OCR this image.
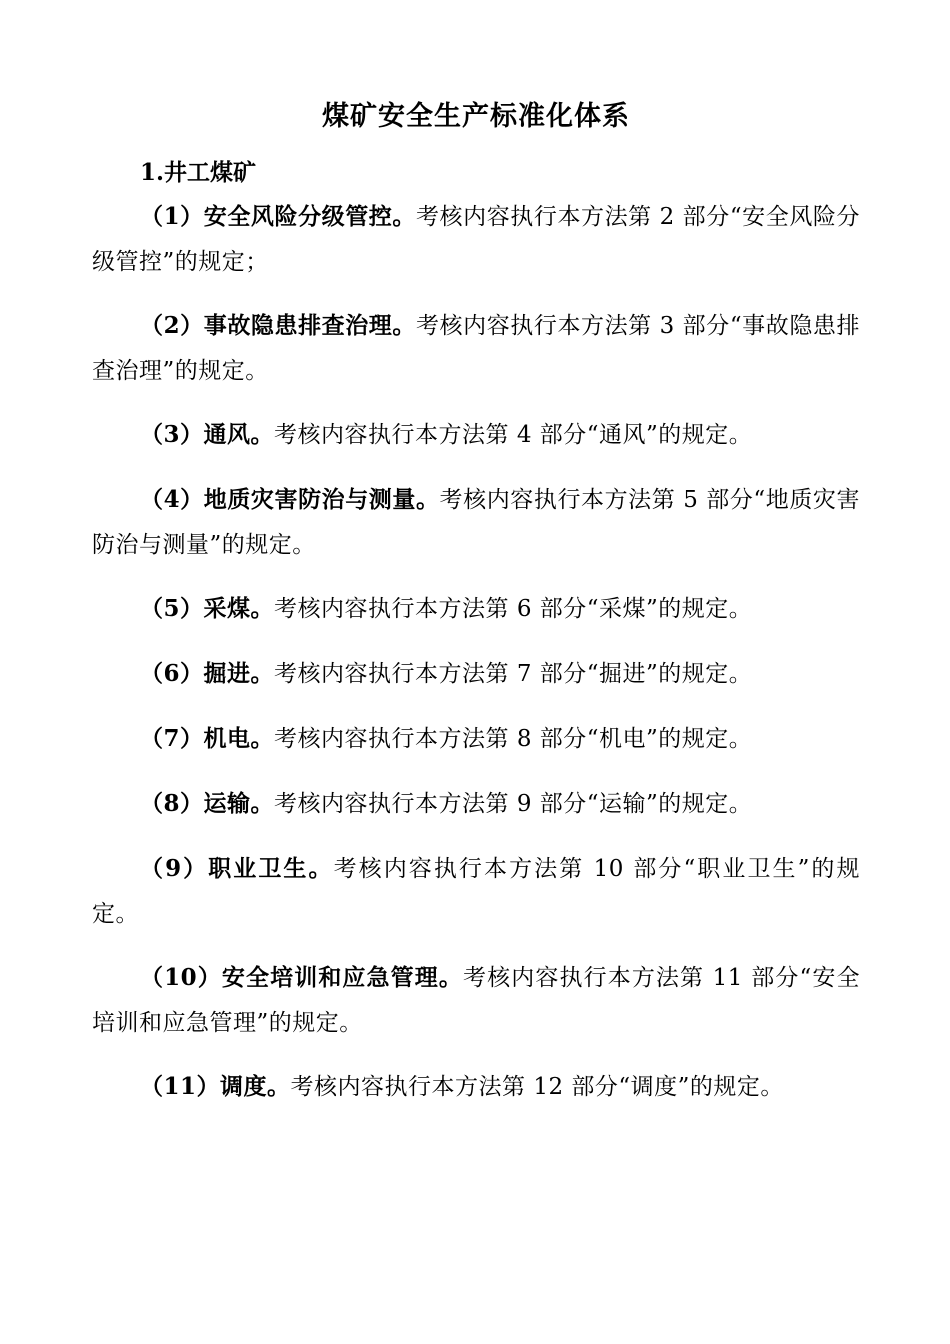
煤矿安全生产标准化体系
1.井工煤矿

（1）安全风险分级管控。考核内容执行本方法第 2 部分“安全风险分级管控”的规定；

（2）事故隐患排查治理。考核内容执行本方法第 3 部分“事故隐患排查治理”的规定。

（3）通风。考核内容执行本方法第 4 部分“通风”的规定。

（4）地质灾害防治与测量。考核内容执行本方法第 5 部分“地质灾害防治与测量”的规定。

（5）采煤。考核内容执行本方法第 6 部分“采煤”的规定。

（6）掘进。考核内容执行本方法第 7 部分“掘进”的规定。

（7）机电。考核内容执行本方法第 8 部分“机电”的规定。

（8）运输。考核内容执行本方法第 9 部分“运输”的规定。

（9）职业卫生。考核内容执行本方法第 10 部分“职业卫生”的规定。

（10）安全培训和应急管理。考核内容执行本方法第 11 部分“安全培训和应急管理”的规定。

（11）调度。考核内容执行本方法第 12 部分“调度”的规定。
